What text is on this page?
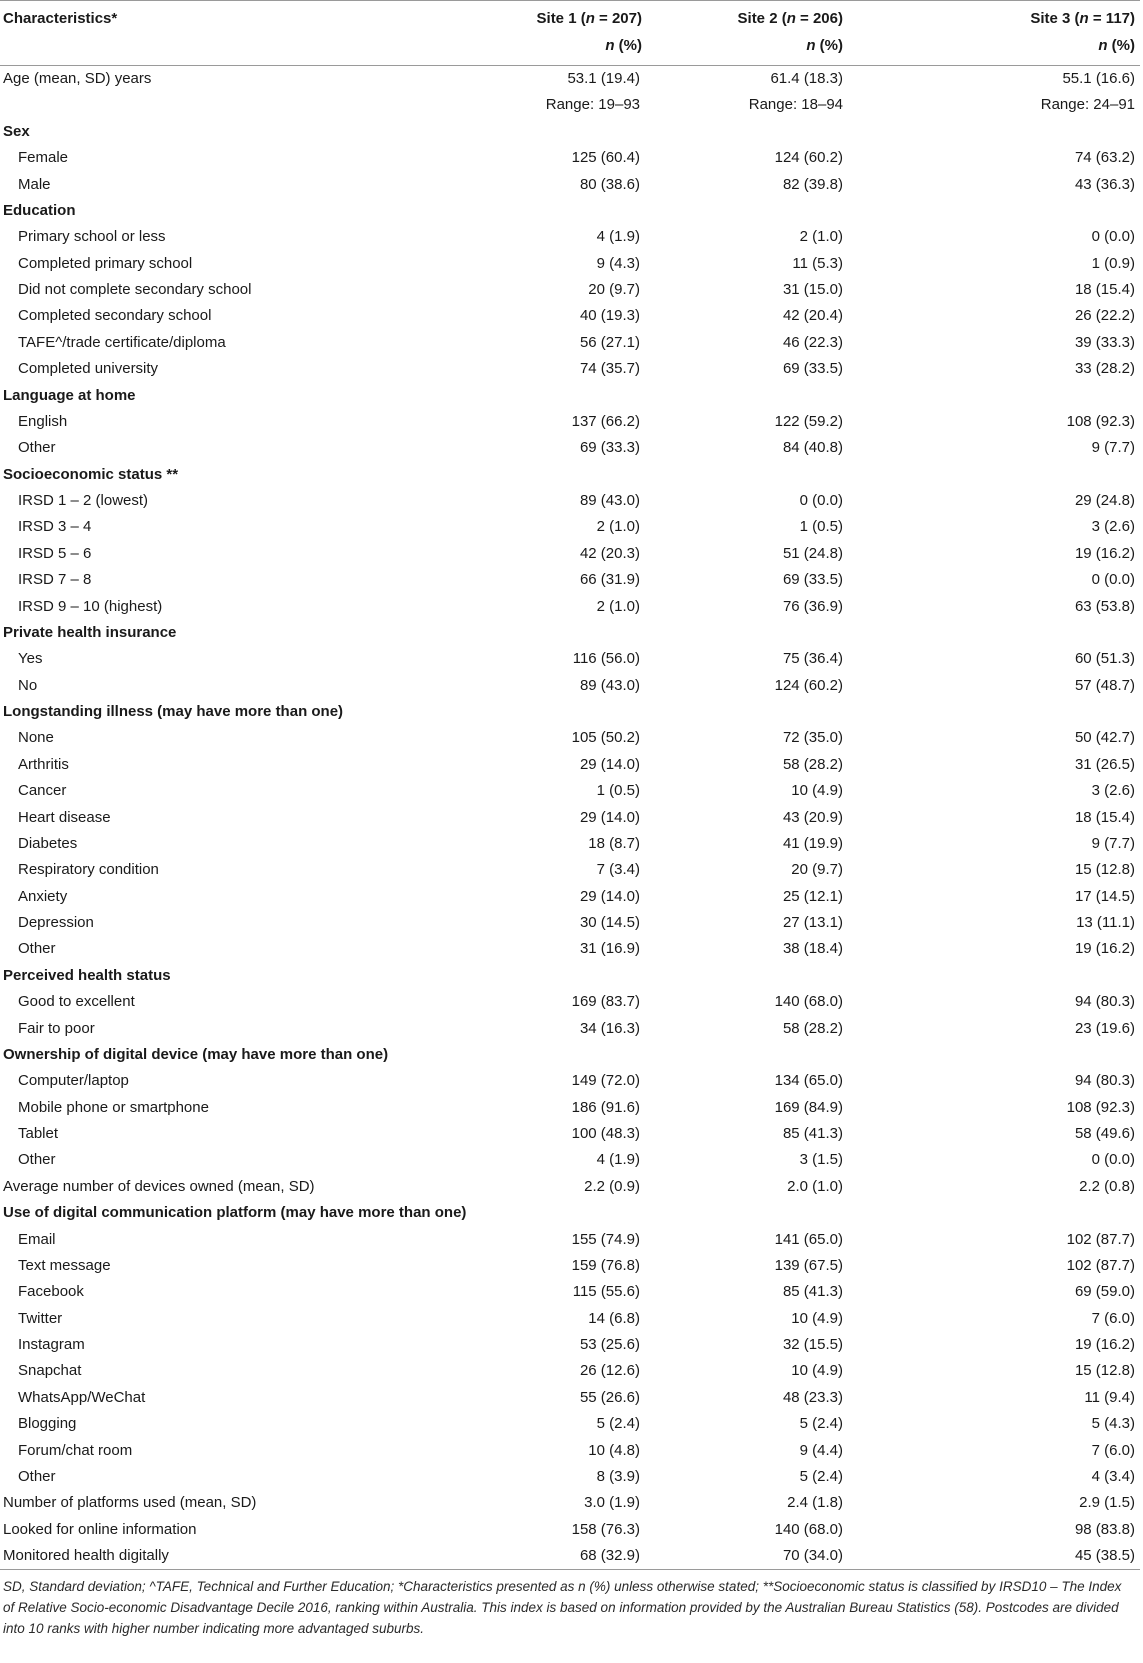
Characteristics*	Site 1 (n = 207)	Site 2 (n = 206)	Site 3 (n = 117)
	n (%)	n (%)	n (%)
Age (mean, SD) years	53.1 (19.4)	61.4 (18.3)	55.1 (16.6)
	Range: 19–93	Range: 18–94	Range: 24–91
Sex			
Female	125 (60.4)	124 (60.2)	74 (63.2)
Male	80 (38.6)	82 (39.8)	43 (36.3)
Education			
Primary school or less	4 (1.9)	2 (1.0)	0 (0.0)
Completed primary school	9 (4.3)	11 (5.3)	1 (0.9)
Did not complete secondary school	20 (9.7)	31 (15.0)	18 (15.4)
Completed secondary school	40 (19.3)	42 (20.4)	26 (22.2)
TAFE^/trade certificate/diploma	56 (27.1)	46 (22.3)	39 (33.3)
Completed university	74 (35.7)	69 (33.5)	33 (28.2)
Language at home			
English	137 (66.2)	122 (59.2)	108 (92.3)
Other	69 (33.3)	84 (40.8)	9 (7.7)
Socioeconomic status **			
IRSD 1 – 2 (lowest)	89 (43.0)	0 (0.0)	29 (24.8)
IRSD 3 – 4	2 (1.0)	1 (0.5)	3 (2.6)
IRSD 5 – 6	42 (20.3)	51 (24.8)	19 (16.2)
IRSD 7 – 8	66 (31.9)	69 (33.5)	0 (0.0)
IRSD 9 – 10 (highest)	2 (1.0)	76 (36.9)	63 (53.8)
Private health insurance			
Yes	116 (56.0)	75 (36.4)	60 (51.3)
No	89 (43.0)	124 (60.2)	57 (48.7)
Longstanding illness (may have more than one)			
None	105 (50.2)	72 (35.0)	50 (42.7)
Arthritis	29 (14.0)	58 (28.2)	31 (26.5)
Cancer	1 (0.5)	10 (4.9)	3 (2.6)
Heart disease	29 (14.0)	43 (20.9)	18 (15.4)
Diabetes	18 (8.7)	41 (19.9)	9 (7.7)
Respiratory condition	7 (3.4)	20 (9.7)	15 (12.8)
Anxiety	29 (14.0)	25 (12.1)	17 (14.5)
Depression	30 (14.5)	27 (13.1)	13 (11.1)
Other	31 (16.9)	38 (18.4)	19 (16.2)
Perceived health status			
Good to excellent	169 (83.7)	140 (68.0)	94 (80.3)
Fair to poor	34 (16.3)	58 (28.2)	23 (19.6)
Ownership of digital device (may have more than one)			
Computer/laptop	149 (72.0)	134 (65.0)	94 (80.3)
Mobile phone or smartphone	186 (91.6)	169 (84.9)	108 (92.3)
Tablet	100 (48.3)	85 (41.3)	58 (49.6)
Other	4 (1.9)	3 (1.5)	0 (0.0)
Average number of devices owned (mean, SD)	2.2 (0.9)	2.0 (1.0)	2.2 (0.8)
Use of digital communication platform (may have more than one)			
Email	155 (74.9)	141 (65.0)	102 (87.7)
Text message	159 (76.8)	139 (67.5)	102 (87.7)
Facebook	115 (55.6)	85 (41.3)	69 (59.0)
Twitter	14 (6.8)	10 (4.9)	7 (6.0)
Instagram	53 (25.6)	32 (15.5)	19 (16.2)
Snapchat	26 (12.6)	10 (4.9)	15 (12.8)
WhatsApp/WeChat	55 (26.6)	48 (23.3)	11 (9.4)
Blogging	5 (2.4)	5 (2.4)	5 (4.3)
Forum/chat room	10 (4.8)	9 (4.4)	7 (6.0)
Other	8 (3.9)	5 (2.4)	4 (3.4)
Number of platforms used (mean, SD)	3.0 (1.9)	2.4 (1.8)	2.9 (1.5)
Looked for online information	158 (76.3)	140 (68.0)	98 (83.8)
Monitored health digitally	68 (32.9)	70 (34.0)	45 (38.5)
SD, Standard deviation; ^TAFE, Technical and Further Education; *Characteristics presented as n (%) unless otherwise stated; **Socioeconomic status is classified by IRSD10 – The Index of Relative Socio-economic Disadvantage Decile 2016, ranking within Australia. This index is based on information provided by the Australian Bureau Statistics (58). Postcodes are divided into 10 ranks with higher number indicating more advantaged suburbs.
